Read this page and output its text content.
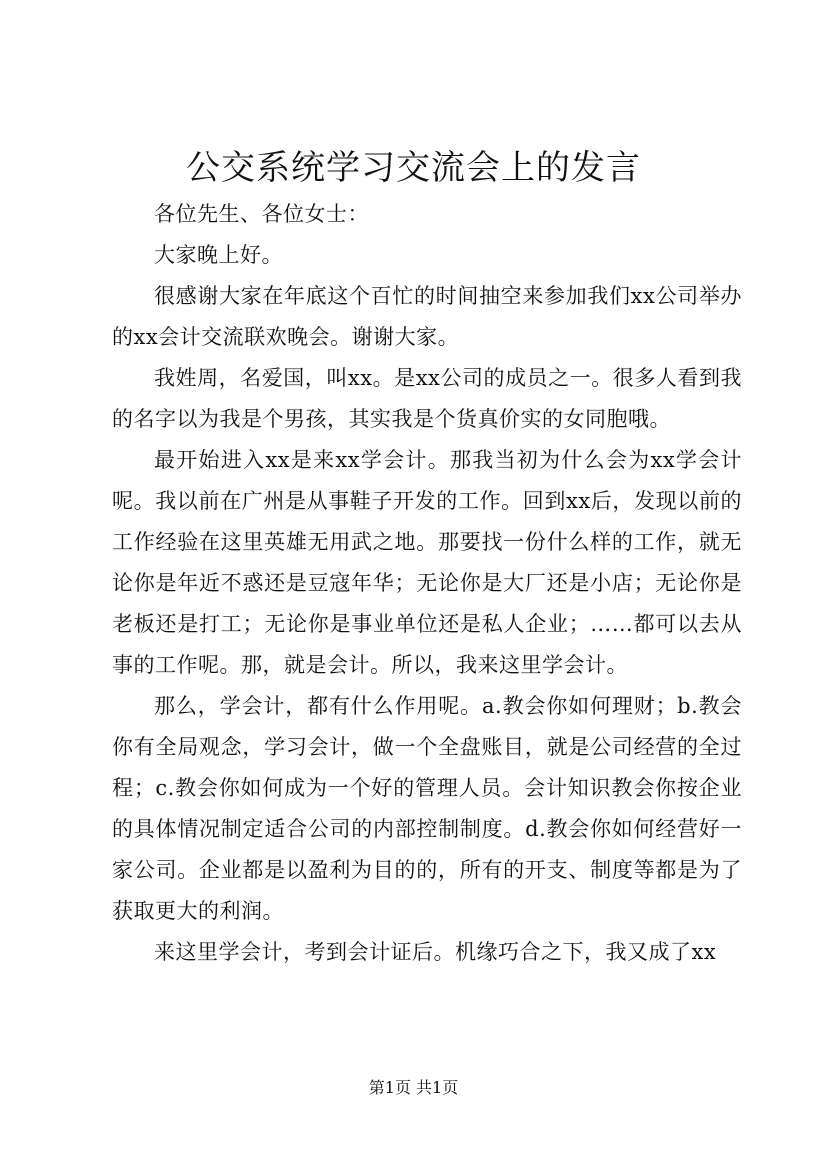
公交系统学习交流会上的发言

各位先生、各位女士：

大家晚上好。

很感谢大家在年底这个百忙的时间抽空来参加我们xx公司举办的xx会计交流联欢晚会。谢谢大家。

我姓周，名爱国，叫xx。是xx公司的成员之一。很多人看到我的名字以为我是个男孩，其实我是个货真价实的女同胞哦。

最开始进入xx是来xx学会计。那我当初为什么会为xx学会计呢。我以前在广州是从事鞋子开发的工作。回到xx后，发现以前的工作经验在这里英雄无用武之地。那要找一份什么样的工作，就无论你是年近不惑还是豆寇年华；无论你是大厂还是小店；无论你是老板还是打工；无论你是事业单位还是私人企业；……都可以去从事的工作呢。那，就是会计。所以，我来这里学会计。

那么，学会计，都有什么作用呢。a.教会你如何理财；b.教会你有全局观念，学习会计，做一个全盘账目，就是公司经营的全过程；c.教会你如何成为一个好的管理人员。会计知识教会你按企业的具体情况制定适合公司的内部控制制度。d.教会你如何经营好一家公司。企业都是以盈利为目的的，所有的开支、制度等都是为了获取更大的利润。

来这里学会计，考到会计证后。机缘巧合之下，我又成了xx

第1页 共1页
